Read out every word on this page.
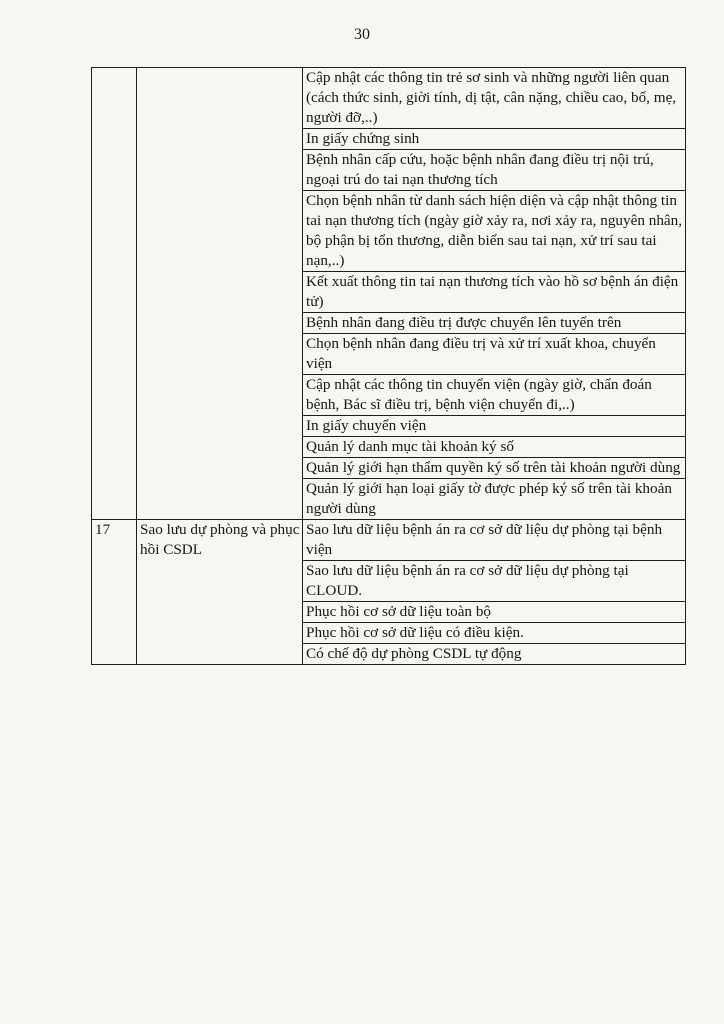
30
		Cập nhật các thông tin trẻ sơ sinh và những người liên quan (cách thức sinh, giời tính, dị tật, cân nặng, chiều cao, bố, mẹ, người đỡ,..)
		In giấy chứng sinh
		Bệnh nhân cấp cứu, hoặc bệnh nhân đang điều trị nội trú, ngoại trú do tai nạn thương tích
		Chọn bệnh nhân từ danh sách hiện diện và cập nhật thông tin tai nạn thương tích (ngày giờ xảy ra, nơi xảy ra, nguyên nhân, bộ phận bị tổn thương, diễn biến sau tai nạn, xử trí sau tai nạn,..)
		Kết xuất thông tin tai nạn thương tích vào hồ sơ bệnh án điện tử)
		Bệnh nhân đang điều trị được chuyển lên tuyến trên
		Chọn bệnh nhân đang điều trị và xử trí xuất khoa, chuyển viện
		Cập nhật các thông tin chuyển viện (ngày giờ, chẩn đoán bệnh, Bác sĩ điều trị, bệnh viện chuyển đi,..)
		In giấy chuyển viện
		Quản lý danh mục tài khoản ký số
		Quản lý giới hạn thẩm quyền ký số trên tài khoản người dùng
		Quản lý giới hạn loại giấy tờ được phép ký số trên tài khoản người dùng
17	Sao lưu dự phòng và phục hồi CSDL	Sao lưu dữ liệu bệnh án ra cơ sở dữ liệu dự phòng tại bệnh viện
		Sao lưu dữ liệu bệnh án ra cơ sở dữ liệu dự phòng tại CLOUD.
		Phục hồi cơ sở dữ liệu toàn bộ
		Phục hồi cơ sở dữ liệu có điều kiện.
		Có chế độ dự phòng CSDL tự động
